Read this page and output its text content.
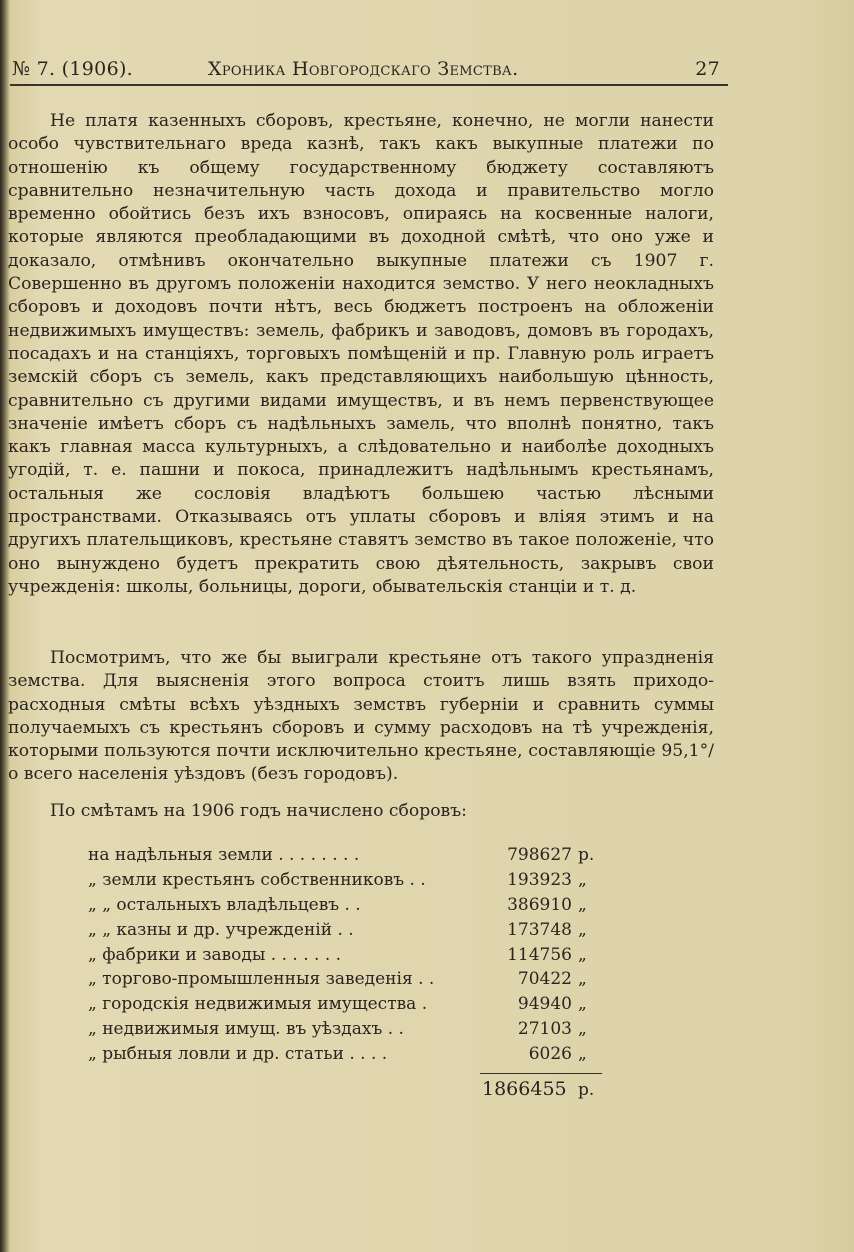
№ 7. (1906).	Хроника Новгородскаго Земства.	27
Не платя казенныхъ сборовъ, крестьяне, конечно, не могли нанести особо чувствительнаго вреда казнѣ, такъ какъ выкупные платежи по отношенію къ общему государственному бюджету составляютъ сравнительно незначительную часть дохода и правительство могло временно обойтись безъ ихъ взносовъ, опираясь на косвенные налоги, которые являются преобладающими въ доходной смѣтѣ, что оно уже и доказало, отмѣнивъ окончательно выкупные платежи съ 1907 г. Совершенно въ другомъ положеніи находится земство. У него неокладныхъ сборовъ и доходовъ почти нѣтъ, весь бюджетъ построенъ на обложеніи недвижимыхъ имуществъ: земель, фабрикъ и заводовъ, домовъ въ городахъ, посадахъ и на станціяхъ, торговыхъ помѣщеній и пр. Главную роль играетъ земскій сборъ съ земель, какъ представляющихъ наибольшую цѣнность, сравнительно съ другими видами имуществъ, и въ немъ первенствующее значеніе имѣетъ сборъ съ надѣльныхъ замель, что вполнѣ понятно, такъ какъ главная масса культурныхъ, а слѣдовательно и наиболѣе доходныхъ угодій, т. е. пашни и покоса, принадлежитъ надѣльнымъ крестьянамъ, остальныя же сословія владѣютъ большею частью лѣсными пространствами. Отказываясь отъ уплаты сборовъ и вліяя этимъ и на другихъ плательщиковъ, крестьяне ставятъ земство въ такое положеніе, что оно вынуждено будетъ прекратить свою дѣятельность, закрывъ свои учрежденія: школы, больницы, дороги, обывательскія станціи и т. д.
Посмотримъ, что же бы выиграли крестьяне отъ такого упраздненія земства. Для выясненія этого вопроса стоитъ лишь взять приходо-расходныя смѣты всѣхъ уѣздныхъ земствъ губерніи и сравнить суммы получаемыхъ съ крестьянъ сборовъ и сумму расходовъ на тѣ учрежденія, которыми пользуются почти исключительно крестьяне, составляющіе 95,1°/о всего населенія уѣздовъ (безъ городовъ).
По смѣтамъ на 1906 годъ начислено сборовъ:
на надѣльныя земли . . . . . . . .	798627 р.
„ земли крестьянъ собственниковъ . .	193923 „
„ „ остальныхъ владѣльцевъ . .	386910 „
„ „ казны и др. учрежденій . .	173748 „
„ фабрики и заводы . . . . . . .	114756 „
„ торгово-промышленныя заведенія . .	70422 „
„ городскія недвижимыя имущества .	94940 „
„ недвижимыя имущ. въ уѣздахъ . .	27103 „
„ рыбныя ловли и др. статьи . . . .	6026 „
1866455 р.
